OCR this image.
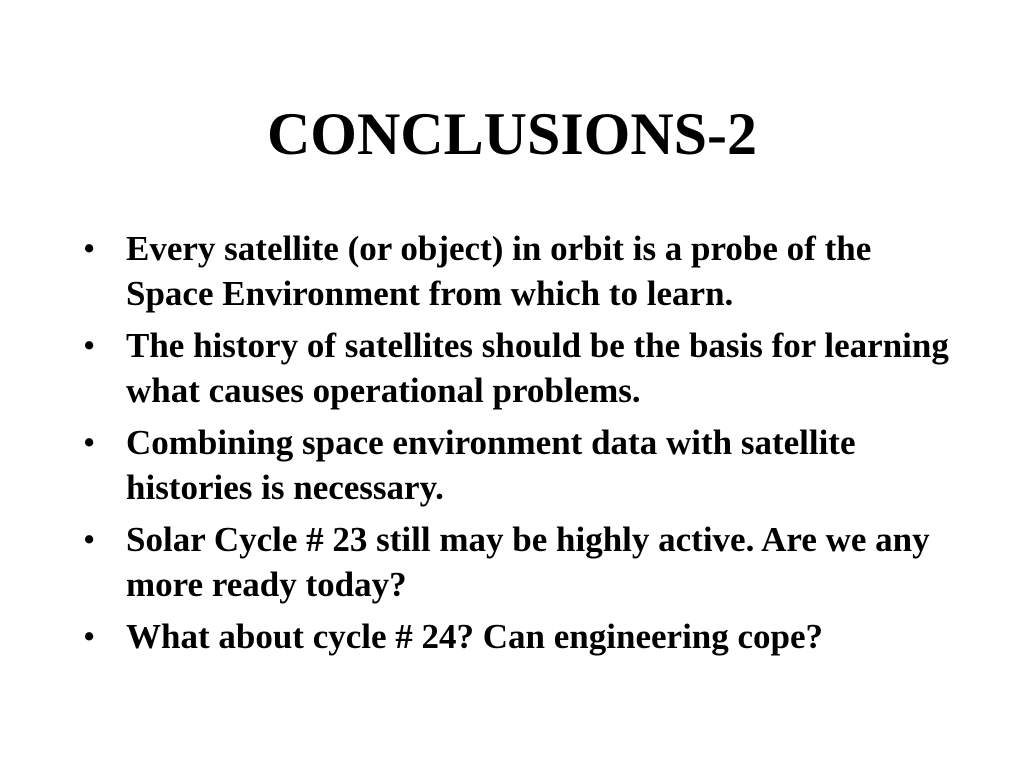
CONCLUSIONS-2
• Every satellite (or object) in orbit is a probe of the Space Environment from which to learn.
• The history of satellites should be the basis for learning what causes operational problems.
• Combining space environment data with satellite histories is necessary.
• Solar Cycle # 23 still may be highly active. Are we any more ready today?
• What about cycle # 24? Can engineering cope?
